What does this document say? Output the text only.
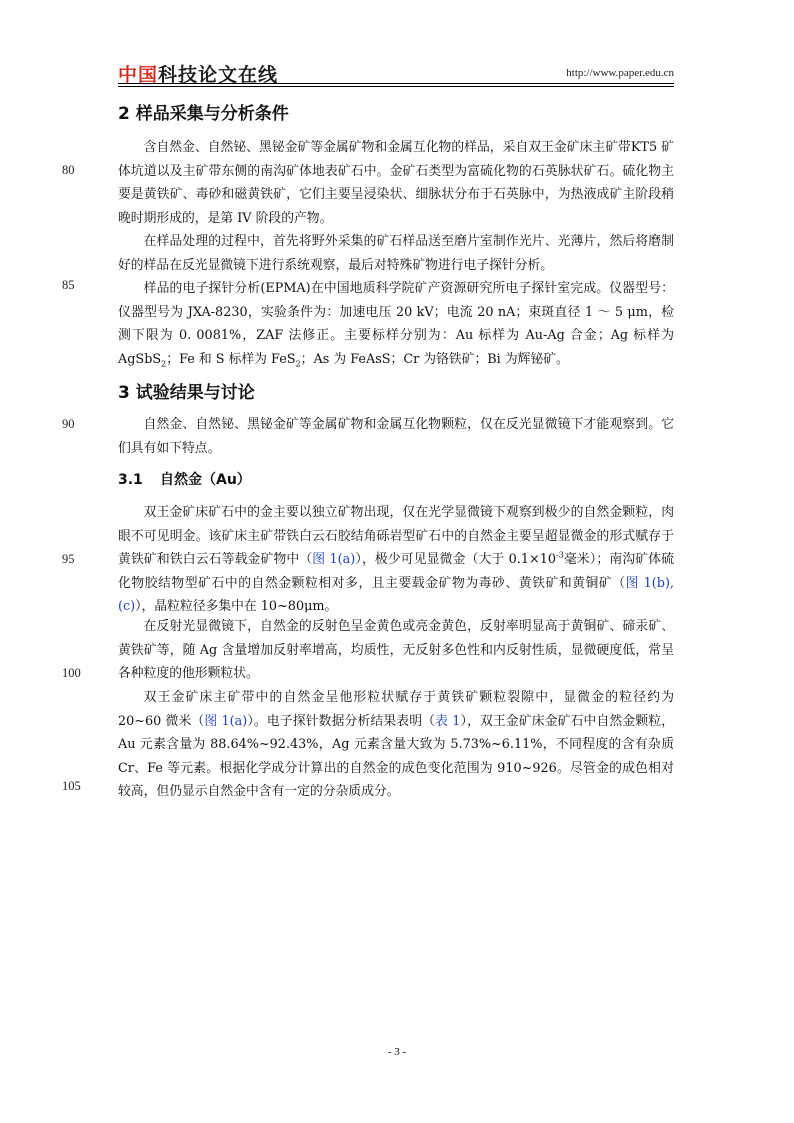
中国科技论文在线	http://www.paper.edu.cn
2 样品采集与分析条件

含自然金、自然铋、黑铋金矿等金属矿物和金属互化物的样品，采自双王金矿床主矿带KT5 矿体坑道以及主矿带东侧的南沟矿体地表矿石中。金矿石类型为富硫化物的石英脉状矿石。硫化物主要是黄铁矿、毒砂和磁黄铁矿，它们主要呈浸染状、细脉状分布于石英脉中，为热液成矿主阶段稍晚时期形成的，是第 IV 阶段的产物。

在样品处理的过程中，首先将野外采集的矿石样品送至磨片室制作光片、光薄片，然后将磨制好的样品在反光显微镜下进行系统观察，最后对特殊矿物进行电子探针分析。

样品的电子探针分析(EPMA)在中国地质科学院矿产资源研究所电子探针室完成。仪器型号：仪器型号为 JXA-8230，实验条件为：加速电压 20 kV；电流 20 nA；束斑直径 1 ～ 5 μm，检测下限为 0. 0081%，ZAF 法修正。主要标样分别为：Au 标样为 Au-Ag 合金；Ag 标样为 AgSbS$_2$；Fe 和 S 标样为 FeS$_2$；As 为 FeAsS；Cr 为铬铁矿；Bi 为辉铋矿。

3 试验结果与讨论

自然金、自然铋、黑铋金矿等金属矿物和金属互化物颗粒，仅在反光显微镜下才能观察到。它们具有如下特点。

3.1 自然金（Au）

双王金矿床矿石中的金主要以独立矿物出现，仅在光学显微镜下观察到极少的自然金颗粒，肉眼不可见明金。该矿床主矿带铁白云石胶结角砾岩型矿石中的自然金主要呈超显微金的形式赋存于黄铁矿和铁白云石等载金矿物中（图 1(a)），极少可见显微金（大于 $0.1\times 10^{-3}$毫米）；南沟矿体硫化物胶结物型矿石中的自然金颗粒相对多，且主要载金矿物为毒砂、黄铁矿和黄铜矿（图 1(b), (c)），晶粒粒径多集中在 10~80μm。

在反射光显微镜下，自然金的反射色呈金黄色或亮金黄色，反射率明显高于黄铜矿、碲汞矿、黄铁矿等，随 Ag 含量增加反射率增高，均质性，无反射多色性和内反射性质，显微硬度低，常呈各种粒度的他形颗粒状。

双王金矿床主矿带中的自然金呈他形粒状赋存于黄铁矿颗粒裂隙中，显微金的粒径约为 20~60 微米（图 1(a)）。电子探针数据分析结果表明（表 1），双王金矿床金矿石中自然金颗粒，Au 元素含量为 88.64%~92.43%，Ag 元素含量大致为 5.73%~6.11%，不同程度的含有杂质 Cr、Fe 等元素。根据化学成分计算出的自然金的成色变化范围为 910~926。尽管金的成色相对较高，但仍显示自然金中含有一定的分杂质成分。

80
85
90
95
100
105
- 3 -
